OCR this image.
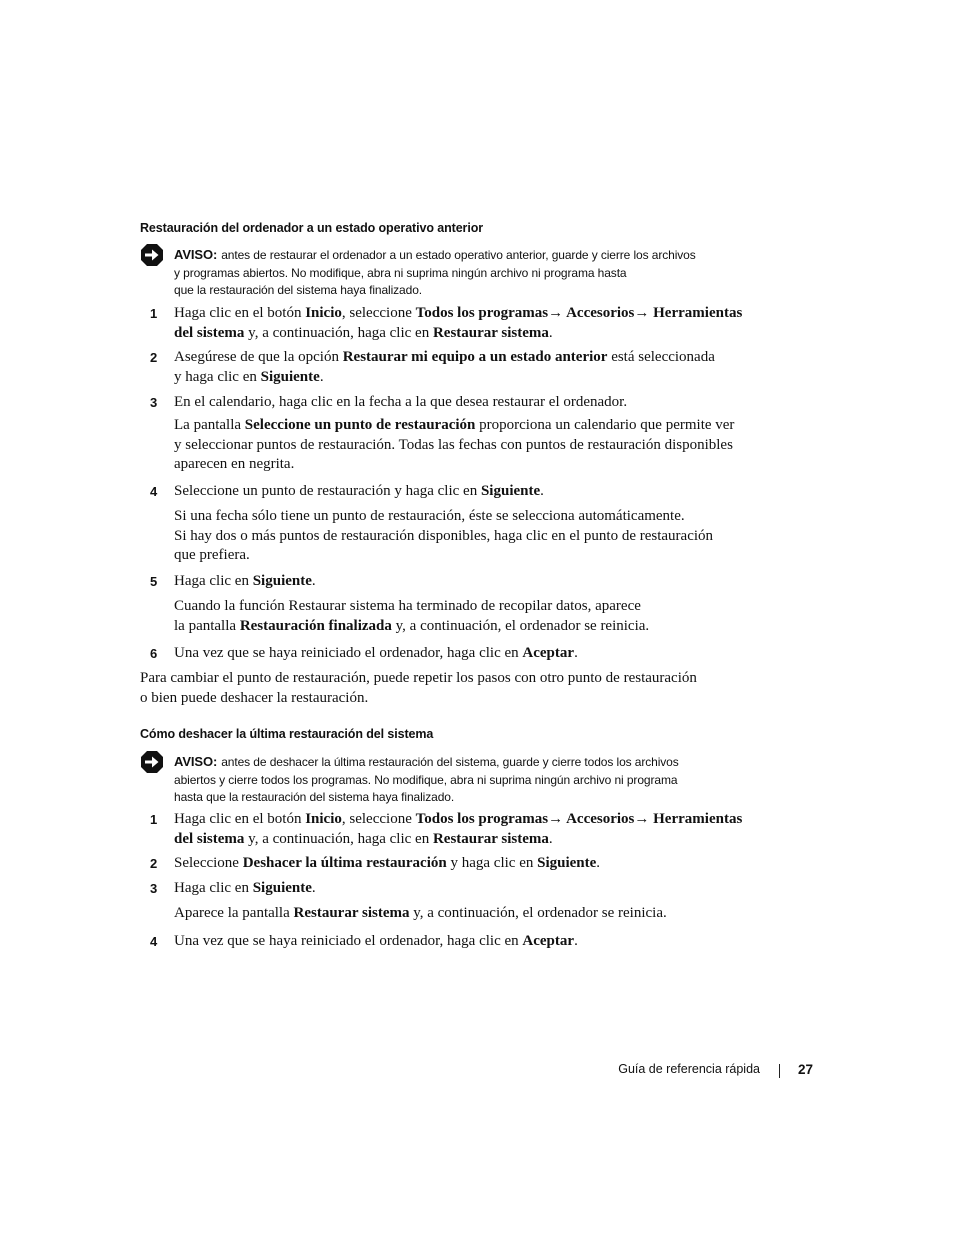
Restauración del ordenador a un estado operativo anterior
AVISO: antes de restaurar el ordenador a un estado operativo anterior, guarde y cierre los archivos
y programas abiertos. No modifique, abra ni suprima ningún archivo ni programa hasta
que la restauración del sistema haya finalizado.
1 Haga clic en el botón Inicio, seleccione Todos los programas→ Accesorios→ Herramientas
del sistema y, a continuación, haga clic en Restaurar sistema.
2 Asegúrese de que la opción Restaurar mi equipo a un estado anterior está seleccionada
y haga clic en Siguiente.
3 En el calendario, haga clic en la fecha a la que desea restaurar el ordenador.
La pantalla Seleccione un punto de restauración proporciona un calendario que permite ver
y seleccionar puntos de restauración. Todas las fechas con puntos de restauración disponibles
aparecen en negrita.
4 Seleccione un punto de restauración y haga clic en Siguiente.
Si una fecha sólo tiene un punto de restauración, éste se selecciona automáticamente.
Si hay dos o más puntos de restauración disponibles, haga clic en el punto de restauración
que prefiera.
5 Haga clic en Siguiente.
Cuando la función Restaurar sistema ha terminado de recopilar datos, aparece
la pantalla Restauración finalizada y, a continuación, el ordenador se reinicia.
6 Una vez que se haya reiniciado el ordenador, haga clic en Aceptar.
Para cambiar el punto de restauración, puede repetir los pasos con otro punto de restauración
o bien puede deshacer la restauración.
Cómo deshacer la última restauración del sistema
AVISO: antes de deshacer la última restauración del sistema, guarde y cierre todos los archivos
abiertos y cierre todos los programas. No modifique, abra ni suprima ningún archivo ni programa
hasta que la restauración del sistema haya finalizado.
1 Haga clic en el botón Inicio, seleccione Todos los programas→ Accesorios→ Herramientas
del sistema y, a continuación, haga clic en Restaurar sistema.
2 Seleccione Deshacer la última restauración y haga clic en Siguiente.
3 Haga clic en Siguiente.
Aparece la pantalla Restaurar sistema y, a continuación, el ordenador se reinicia.
4 Una vez que se haya reiniciado el ordenador, haga clic en Aceptar.
Guía de referencia rápida	27
